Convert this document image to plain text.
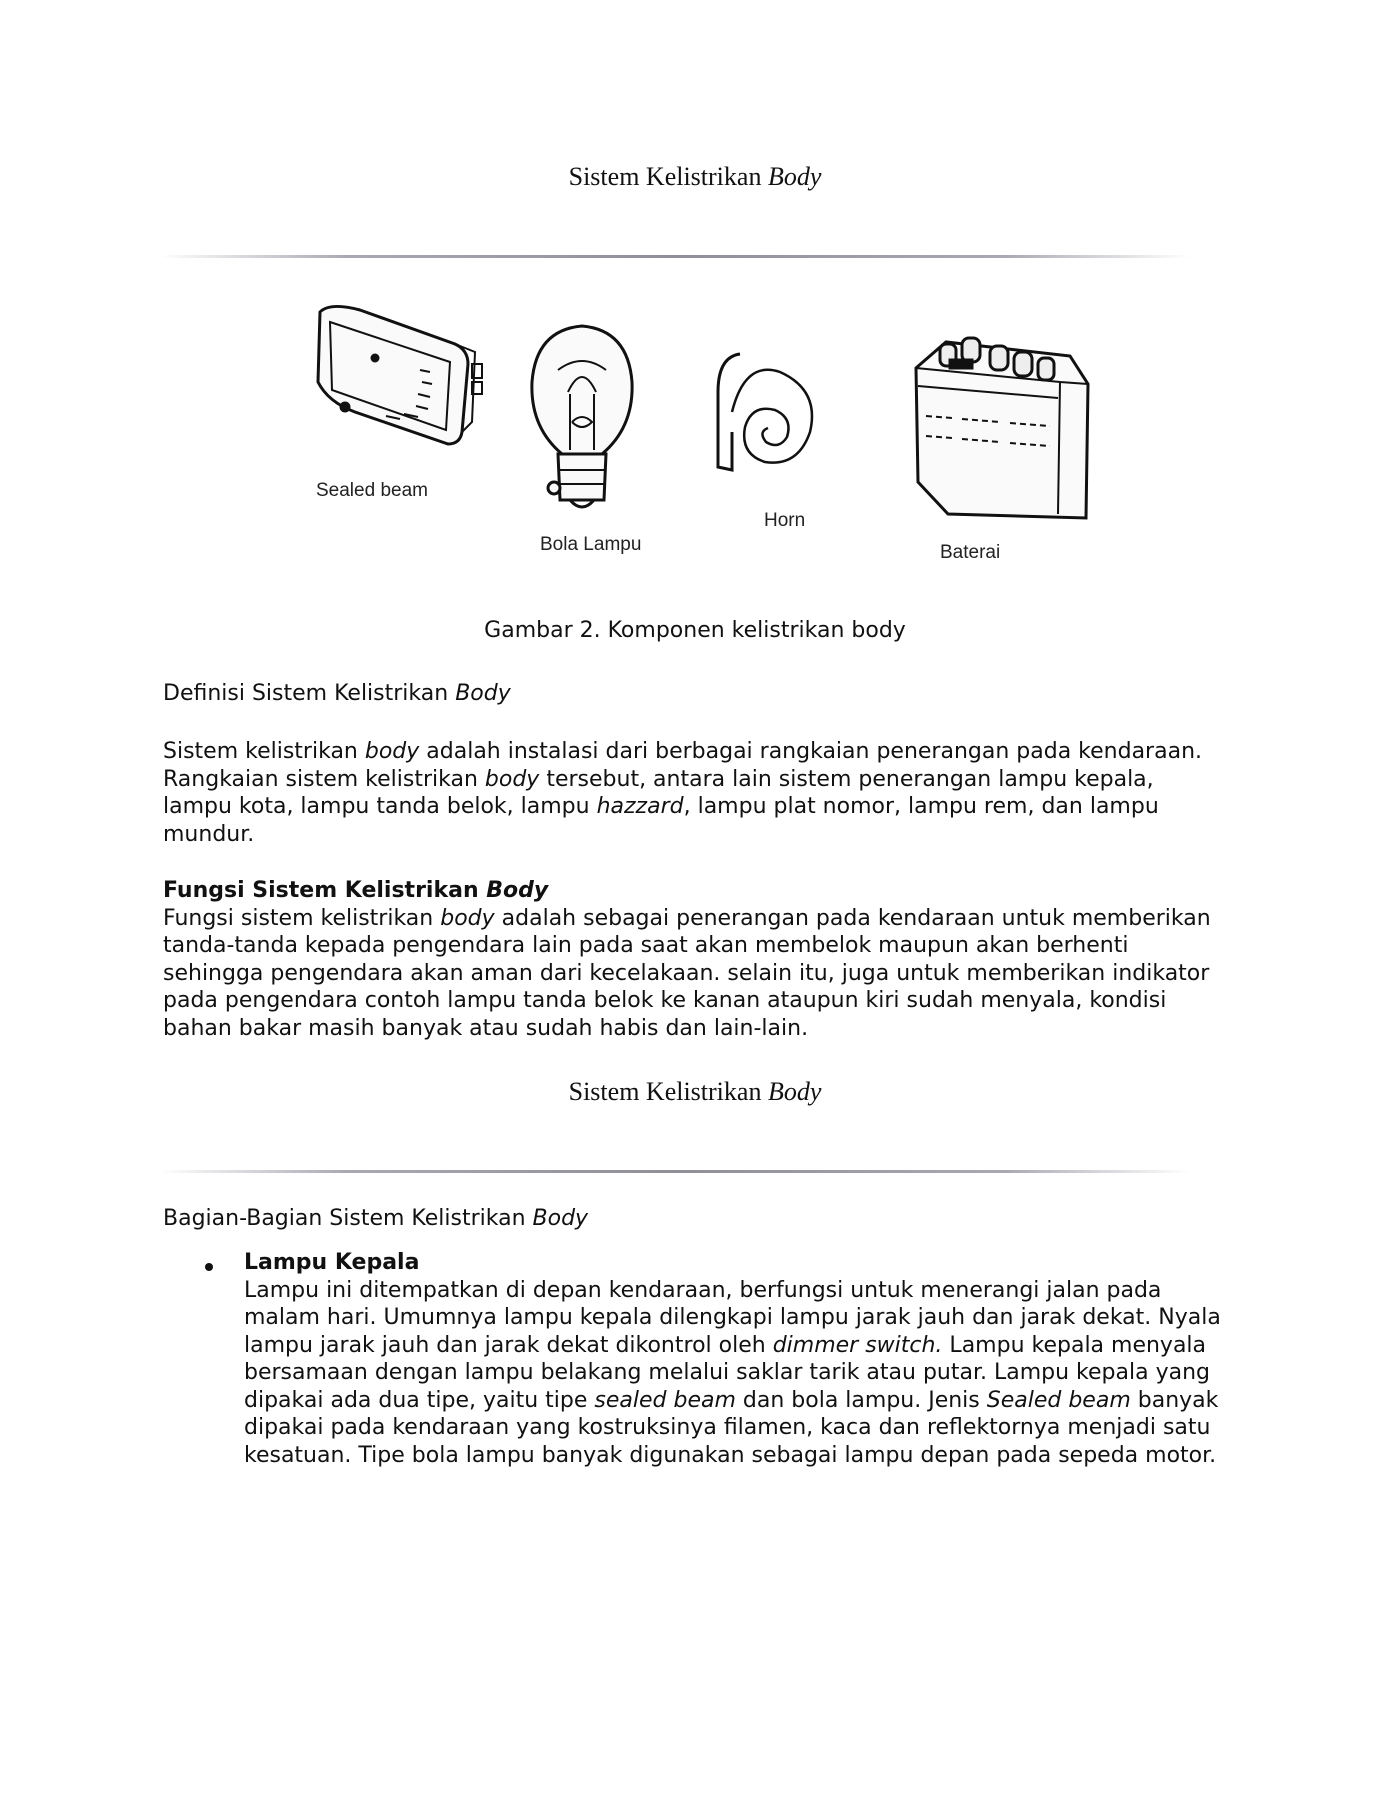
Sistem Kelistrikan Body
Sealed beam
Bola Lampu
Horn
Baterai
Gambar 2. Komponen kelistrikan body
Definisi Sistem Kelistrikan Body

Sistem kelistrikan body adalah instalasi dari berbagai rangkaian penerangan pada kendaraan. Rangkaian sistem kelistrikan body tersebut, antara lain sistem penerangan lampu kepala, lampu kota, lampu tanda belok, lampu hazzard, lampu plat nomor, lampu rem, dan lampu mundur.

Fungsi Sistem Kelistrikan Body

Fungsi sistem kelistrikan body adalah sebagai penerangan pada kendaraan untuk memberikan tanda-tanda kepada pengendara lain pada saat akan membelok maupun akan berhenti sehingga pengendara akan aman dari kecelakaan. selain itu, juga untuk memberikan indikator pada pengendara contoh lampu tanda belok ke kanan ataupun kiri sudah menyala, kondisi bahan bakar masih banyak atau sudah habis dan lain-lain.

Sistem Kelistrikan Body
Bagian-Bagian Sistem Kelistrikan Body

Lampu Kepala

Lampu ini ditempatkan di depan kendaraan, berfungsi untuk menerangi jalan pada malam hari. Umumnya lampu kepala dilengkapi lampu jarak jauh dan jarak dekat. Nyala lampu jarak jauh dan jarak dekat dikontrol oleh dimmer switch. Lampu kepala menyala bersamaan dengan lampu belakang melalui saklar tarik atau putar. Lampu kepala yang dipakai ada dua tipe, yaitu tipe sealed beam dan bola lampu. Jenis Sealed beam banyak dipakai pada kendaraan yang kostruksinya filamen, kaca dan reflektornya menjadi satu kesatuan. Tipe bola lampu banyak digunakan sebagai lampu depan pada sepeda motor.
